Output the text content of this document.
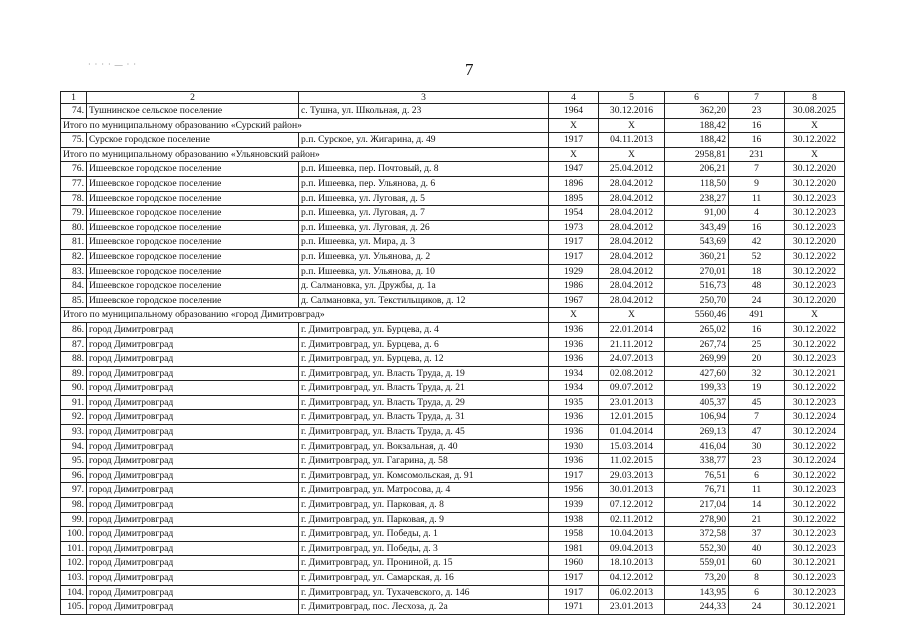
7
· · · · — · ·
1	2	3	4	5	6	7	8
74.	Тушнинское сельское поселение	с. Тушна, ул. Школьная, д. 23	1964	30.12.2016	362,20	23	30.08.2025
Итого по муниципальному образованию «Сурский район»			X	X	188,42	16	X
75.	Сурское городское поселение	р.п. Сурское, ул. Жигарина, д. 49	1917	04.11.2013	188,42	16	30.12.2022
Итого по муниципальному образованию «Ульяновский район»			X	X	2958,81	231	X
76.	Ишеевское городское поселение	р.п. Ишеевка, пер. Почтовый, д. 8	1947	25.04.2012	206,21	7	30.12.2020
77.	Ишеевское городское поселение	р.п. Ишеевка, пер. Ульянова, д. 6	1896	28.04.2012	118,50	9	30.12.2020
78.	Ишеевское городское поселение	р.п. Ишеевка, ул. Луговая, д. 5	1895	28.04.2012	238,27	11	30.12.2023
79.	Ишеевское городское поселение	р.п. Ишеевка, ул. Луговая, д. 7	1954	28.04.2012	91,00	4	30.12.2023
80.	Ишеевское городское поселение	р.п. Ишеевка, ул. Луговая, д. 26	1973	28.04.2012	343,49	16	30.12.2023
81.	Ишеевское городское поселение	р.п. Ишеевка, ул. Мира, д. 3	1917	28.04.2012	543,69	42	30.12.2020
82.	Ишеевское городское поселение	р.п. Ишеевка, ул. Ульянова, д. 2	1917	28.04.2012	360,21	52	30.12.2022
83.	Ишеевское городское поселение	р.п. Ишеевка, ул. Ульянова, д. 10	1929	28.04.2012	270,01	18	30.12.2022
84.	Ишеевское городское поселение	д. Салмановка, ул. Дружбы, д. 1а	1986	28.04.2012	516,73	48	30.12.2023
85.	Ишеевское городское поселение	д. Салмановка, ул. Текстильщиков, д. 12	1967	28.04.2012	250,70	24	30.12.2020
Итого по муниципальному образованию «город Димитровград»			X	X	5560,46	491	X
86.	город Димитровград	г. Димитровград, ул. Бурцева, д. 4	1936	22.01.2014	265,02	16	30.12.2022
87.	город Димитровград	г. Димитровград, ул. Бурцева, д. 6	1936	21.11.2012	267,74	25	30.12.2022
88.	город Димитровград	г. Димитровград, ул. Бурцева, д. 12	1936	24.07.2013	269,99	20	30.12.2023
89.	город Димитровград	г. Димитровград, ул. Власть Труда, д. 19	1934	02.08.2012	427,60	32	30.12.2021
90.	город Димитровград	г. Димитровград, ул. Власть Труда, д. 21	1934	09.07.2012	199,33	19	30.12.2022
91.	город Димитровград	г. Димитровград, ул. Власть Труда, д. 29	1935	23.01.2013	405,37	45	30.12.2023
92.	город Димитровград	г. Димитровград, ул. Власть Труда, д. 31	1936	12.01.2015	106,94	7	30.12.2024
93.	город Димитровград	г. Димитровград, ул. Власть Труда, д. 45	1936	01.04.2014	269,13	47	30.12.2024
94.	город Димитровград	г. Димитровград, ул. Вокзальная, д. 40	1930	15.03.2014	416,04	30	30.12.2022
95.	город Димитровград	г. Димитровград, ул. Гагарина, д. 58	1936	11.02.2015	338,77	23	30.12.2024
96.	город Димитровград	г. Димитровград, ул. Комсомольская, д. 91	1917	29.03.2013	76,51	6	30.12.2022
97.	город Димитровград	г. Димитровград, ул. Матросова, д. 4	1956	30.01.2013	76,71	11	30.12.2023
98.	город Димитровград	г. Димитровград, ул. Парковая, д. 8	1939	07.12.2012	217,04	14	30.12.2022
99.	город Димитровград	г. Димитровград, ул. Парковая, д. 9	1938	02.11.2012	278,90	21	30.12.2022
100.	город Димитровград	г. Димитровград, ул. Победы, д. 1	1958	10.04.2013	372,58	37	30.12.2023
101.	город Димитровград	г. Димитровград, ул. Победы, д. 3	1981	09.04.2013	552,30	40	30.12.2023
102.	город Димитровград	г. Димитровград, ул. Прониной, д. 15	1960	18.10.2013	559,01	60	30.12.2021
103.	город Димитровград	г. Димитровград, ул. Самарская, д. 16	1917	04.12.2012	73,20	8	30.12.2023
104.	город Димитровград	г. Димитровград, ул. Тухачевского, д. 146	1917	06.02.2013	143,95	6	30.12.2023
105.	город Димитровград	г. Димитровград, пос. Лесхоза, д. 2а	1971	23.01.2013	244,33	24	30.12.2021
